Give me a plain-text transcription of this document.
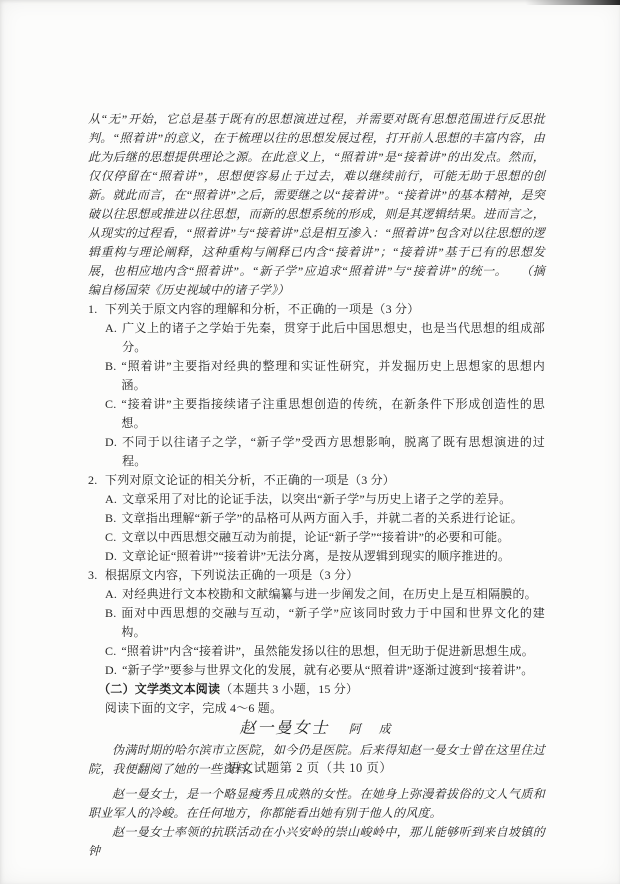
从“无”开始，它总是基于既有的思想演进过程，并需要对既有思想范围进行反思批判。“照着讲”的意义，在于梳理以往的思想发展过程，打开前人思想的丰富内容，由此为后继的思想提供理论之源。在此意义上，“照着讲”是“接着讲”的出发点。然而，仅仅停留在“照着讲”，思想便容易止于过去，难以继续前行，可能无助于思想的创新。就此而言，在“照着讲”之后，需要继之以“接着讲”。“接着讲”的基本精神，是突破以往思想或推进以往思想，而新的思想系统的形成，则是其逻辑结果。进而言之，从现实的过程看，“照着讲”与“接着讲”总是相互渗入：“照着讲”包含对以往思想的逻辑重构与理论阐释，这种重构与阐释已内含“接着讲”；“接着讲”基于已有的思想发展，也相应地内含“照着讲”。“新子学”应追求“照着讲”与“接着讲”的统一。 （摘编自杨国荣《历史视域中的诸子学》）

1. 下列关于原文内容的理解和分析，不正确的一项是（3 分）
A. 广义上的诸子之学始于先秦，贯穿于此后中国思想史，也是当代思想的组成部分。
B. “照着讲”主要指对经典的整理和实证性研究，并发掘历史上思想家的思想内涵。
C. “接着讲”主要指接续诸子注重思想创造的传统，在新条件下形成创造性的思想。
D. 不同于以往诸子之学，“新子学”受西方思想影响，脱离了既有思想演进的过程。
2. 下列对原文论证的相关分析，不正确的一项是（3 分）
A. 文章采用了对比的论证手法，以突出“新子学”与历史上诸子之学的差异。
B. 文章指出理解“新子学”的品格可从两方面入手，并就二者的关系进行论证。
C. 文章以中西思想交融互动为前提，论证“新子学”“接着讲”的必要和可能。
D. 文章论证“照着讲”“接着讲”无法分离，是按从逻辑到现实的顺序推进的。
3. 根据原文内容，下列说法正确的一项是（3 分）
A. 对经典进行文本校勘和文献编纂与进一步阐发之间，在历史上是互相隔膜的。
B. 面对中西思想的交融与互动，“新子学”应该同时致力于中国和世界文化的建构。
C. “照着讲”内含“接着讲”，虽然能发扬以往的思想，但无助于促进新思想生成。
D. “新子学”要参与世界文化的发展，就有必要从“照着讲”逐渐过渡到“接着讲”。
（二）文学类文本阅读（本题共 3 小题，15 分）
阅读下面的文字，完成 4～6 题。
赵一曼女士 阿　成

伪满时期的哈尔滨市立医院，如今仍是医院。后来得知赵一曼女士曾在这里住过院，我便翻阅了她的一些资料。

赵一曼女士，是一个略显瘦秀且成熟的女性。在她身上弥漫着拔俗的文人气质和职业军人的冷峻。在任何地方，你都能看出她有别于他人的风度。

赵一曼女士率领的抗联活动在小兴安岭的崇山峻岭中，那儿能够听到来自坡镇的钟

语文试题第 2 页（共 10 页）
